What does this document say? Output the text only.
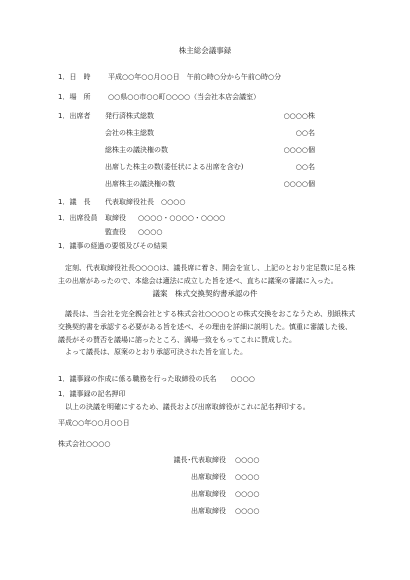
株主総会議事録
1．日　時	平成○○年○○月○○日　午前○時○分から午前○時○分
1．場　所	○○県○○市○○町○○○○（当会社本店会議室）
1．出席者 発行済株式総数	○○○○株
会社の株主総数	○○名
総株主の議決権の数	○○○○個
出席した株主の数(委任状による出席を含む)	○○名
出席株主の議決権の数	○○○○個
1．議　長 代表取締役社長　○○○○
1．出席役員 取締役 ○○○○・○○○○・○○○○
監査役 ○○○○
1．議事の経過の要領及びその結果
定刻、代表取締役社長○○○○は、議長席に着き、開会を宣し、上記のとおり定足数に足る株主の出席があったので、本総会は適法に成立した旨を述べ、直ちに議案の審議に入った。
議案　株式交換契約書承認の件
議長は、当会社を完全親会社とする株式会社○○○○との株式交換をおこなうため、別紙株式交換契約書を承認する必要がある旨を述べ、その理由を詳細に説明した。慎重に審議した後、議長がその賛否を議場に諮ったところ、満場一致をもってこれに賛成した。
よって議長は、原案のとおり承認可決された旨を宣した。
1．議事録の作成に係る職務を行った取締役の氏名　　○○○○
1．議事録の記名押印
以上の決議を明確にするため、議長および出席取締役がこれに記名押印する。
平成○○年○○月○○日
株式会社○○○○
議長･代表取締役 ○○○○
出席取締役 ○○○○
出席取締役 ○○○○
出席取締役 ○○○○
